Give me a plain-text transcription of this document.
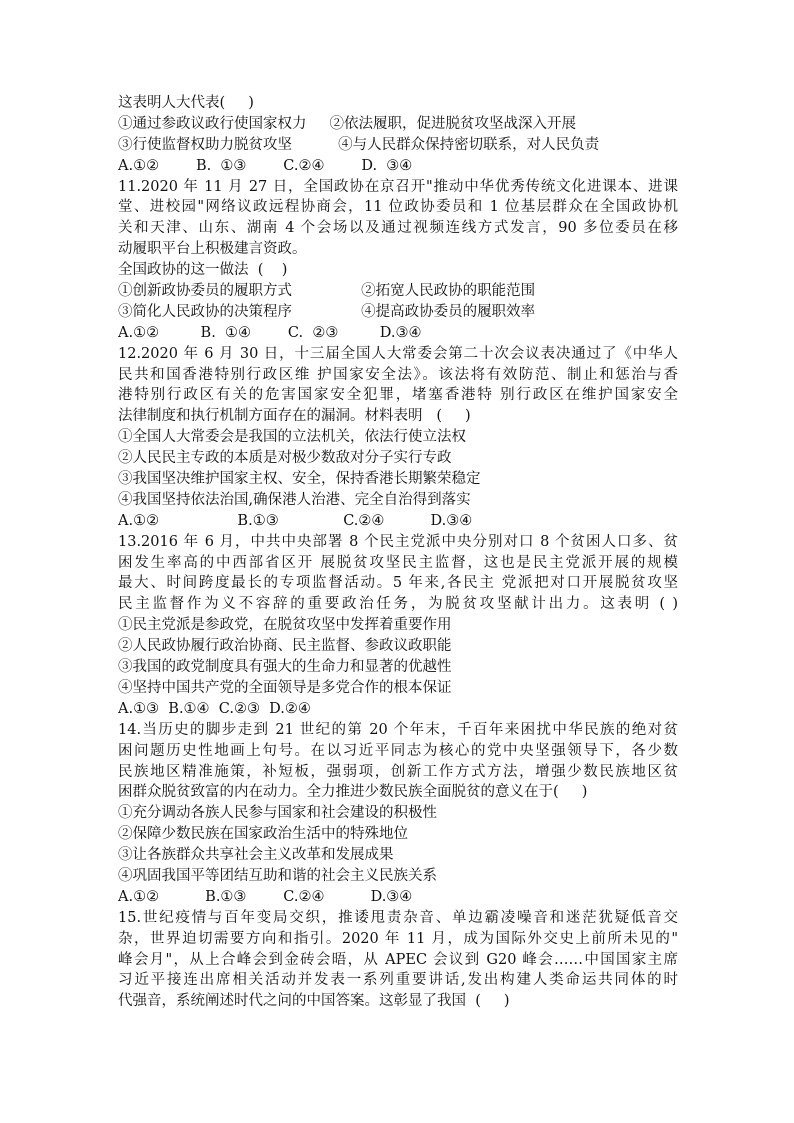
这表明人大代表(     )
①通过参政议政行使国家权力     ②依法履职，促进脱贫攻坚战深入开展
③行使监督权助力脱贫攻坚          ④与人民群众保持密切联系，对人民负责
A.①②        B.  ①③        C.②④        D.  ③④
11.2020 年 11 月 27 日，全国政协在京召开"推动中华优秀传统文化进课本、进课
堂、进校园"网络议政远程协商会，11 位政协委员和 1 位基层群众在全国政协机
关和天津、山东、湖南 4 个会场以及通过视频连线方式发言，90 多位委员在移
动履职平台上积极建言资政。
全国政协的这一做法  (    )
①创新政协委员的履职方式               ②拓宽人民政协的职能范围
③简化人民政协的决策程序               ④提高政协委员的履职效率
A.①②         B.  ①④        C.  ②③         D.③④
12.2020 年 6 月 30 日，十三届全国人大常委会第二十次会议表决通过了《中华人
民共和国香港特别行政区维 护国家安全法》。该法将有效防范、制止和惩治与香
港特别行政区有关的危害国家安全犯罪，堵塞香港特 别行政区在维护国家安全
法律制度和执行机制方面存在的漏洞。材料表明   (     )
①全国人大常委会是我国的立法机关，依法行使立法权
②人民民主专政的本质是对极少数敌对分子实行专政
③我国坚决维护国家主权、安全，保持香港长期繁荣稳定
④我国坚持依法治国,确保港人治港、完全自治得到落实
A.①②                 B.①③              C.②④          D.③④
13.2016 年 6 月，中共中央部署 8 个民主党派中央分别对口 8 个贫困人口多、贫
困发生率高的中西部省区开 展脱贫攻坚民主监督，这也是民主党派开展的规模
最大、时间跨度最长的专项监督活动。5 年来,各民主 党派把对口开展脱贫攻坚
民主监督作为义不容辞的重要政治任务，为脱贫攻坚献计出力。这表明 ( )
①民主党派是参政党，在脱贫攻坚中发挥着重要作用
②人民政协履行政治协商、民主监督、参政议政职能
③我国的政党制度具有强大的生命力和显著的优越性
④坚持中国共产党的全面领导是多党合作的根本保证
A.①③  B.①④  C.②③  D.②④
14.当历史的脚步走到 21 世纪的第 20 个年末，千百年来困扰中华民族的绝对贫
困问题历史性地画上句号。在以习近平同志为核心的党中央坚强领导下，各少数
民族地区精准施策，补短板，强弱项，创新工作方式方法，增强少数民族地区贫
困群众脱贫致富的内在动力。全力推进少数民族全面脱贫的意义在于(     )
①充分调动各族人民参与国家和社会建设的积极性
②保障少数民族在国家政治生活中的特殊地位
③让各族群众共享社会主义改革和发展成果
④巩固我国平等团结互助和谐的社会主义民族关系
A.①②          B.①③        C.②④          D.③④
15.世纪疫情与百年变局交织，推诿甩责杂音、单边霸凌噪音和迷茫犹疑低音交
杂，世界迫切需要方向和指引。2020 年 11 月，成为国际外交史上前所未见的"
峰会月"，从上合峰会到金砖会晤，从 APEC 会议到 G20 峰会……中国国家主席
习近平接连出席相关活动并发表一系列重要讲话,发出构建人类命运共同体的时
代强音，系统阐述时代之问的中国答案。这彰显了我国  (     )
